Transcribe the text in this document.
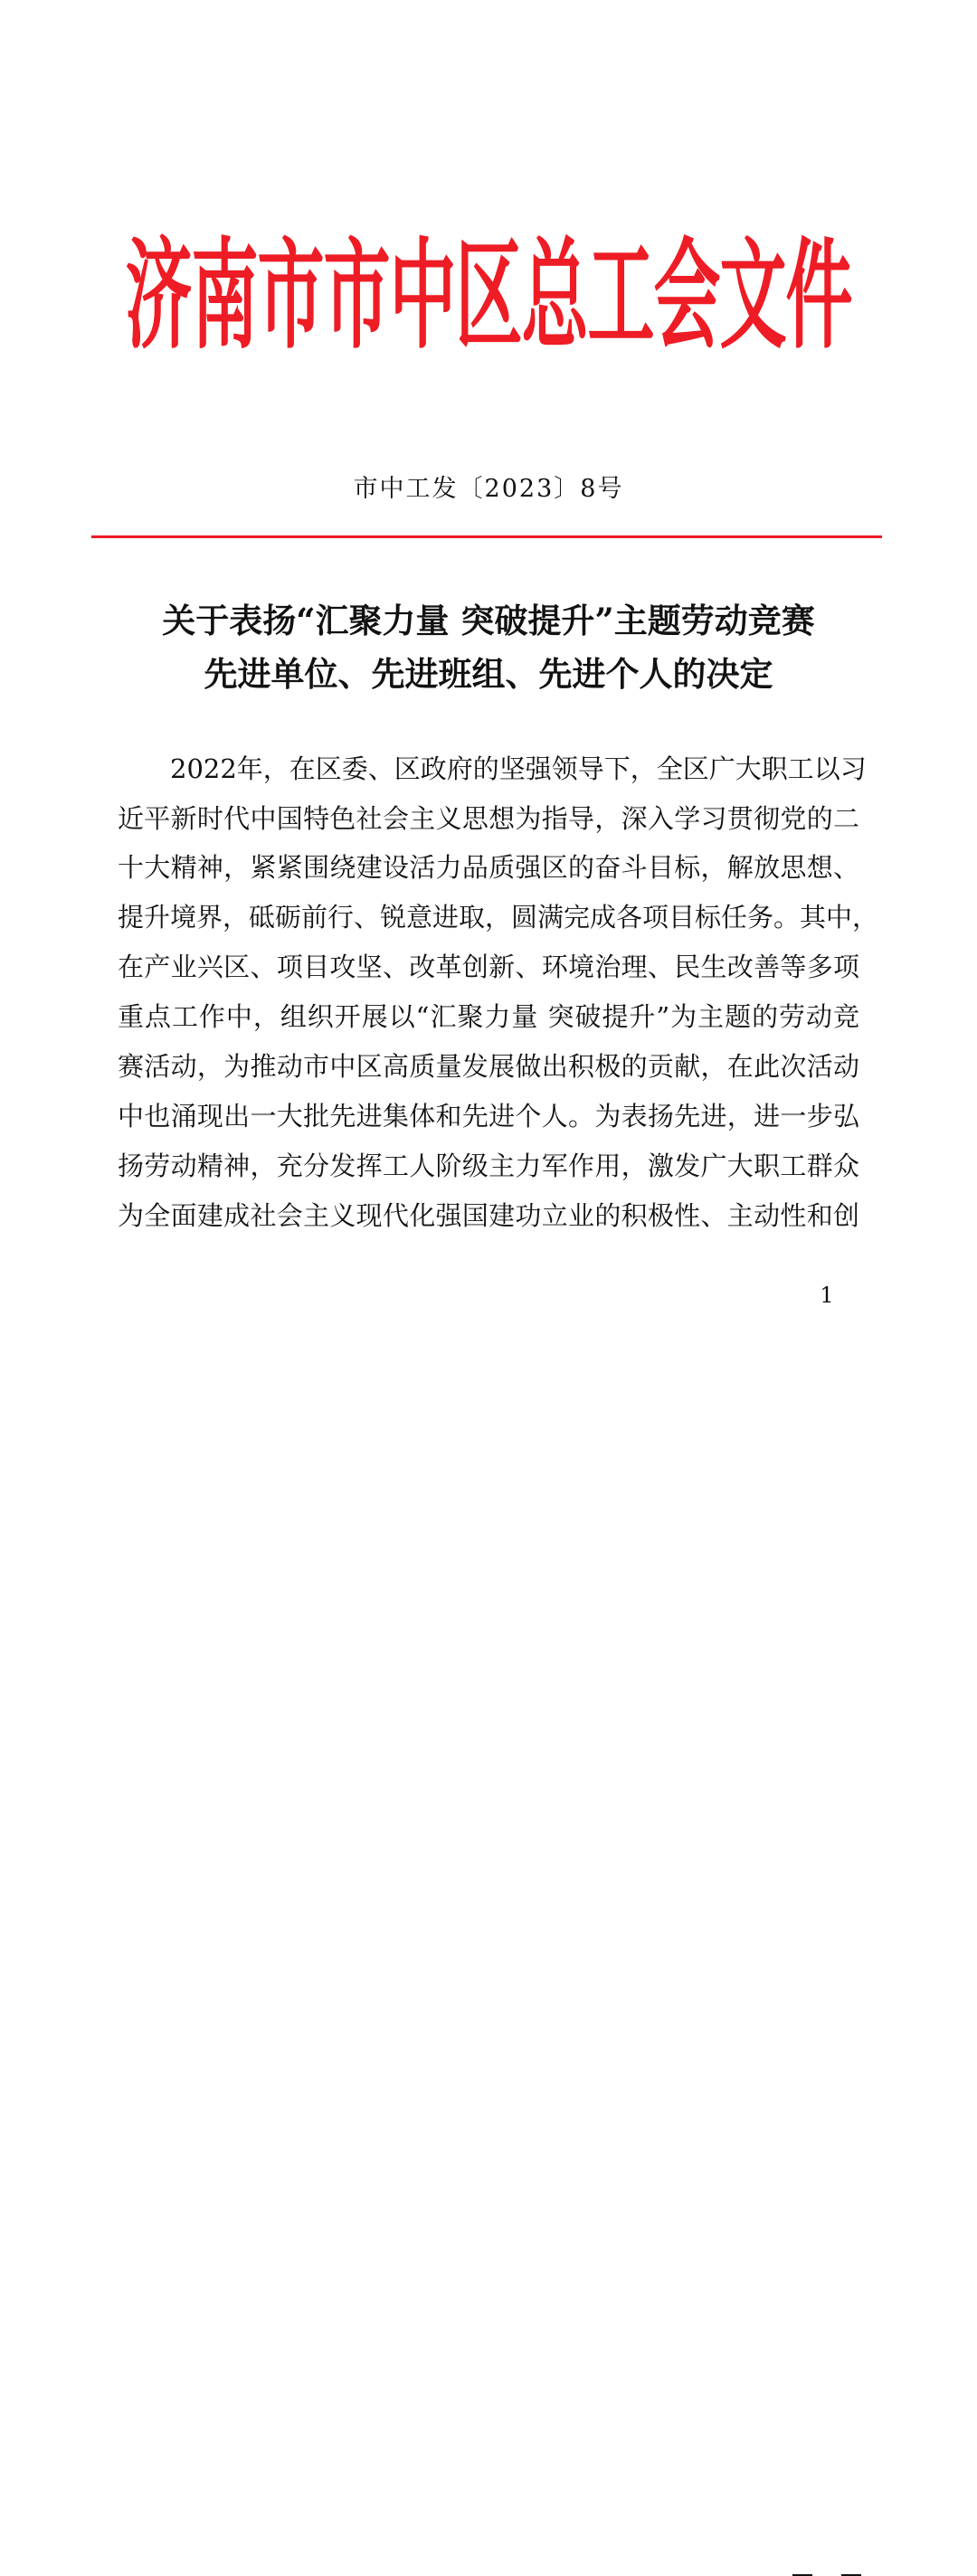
济南市市中区总工会文件
市中工发〔2023〕8号
关于表扬“汇聚力量 突破提升”主题劳动竞赛
先进单位、先进班组、先进个人的决定
2022年，在区委、区政府的坚强领导下，全区广大职工以习
近平新时代中国特色社会主义思想为指导，深入学习贯彻党的二
十大精神，紧紧围绕建设活力品质强区的奋斗目标，解放思想、
提升境界，砥砺前行、锐意进取，圆满完成各项目标任务。其中，
在产业兴区、项目攻坚、改革创新、环境治理、民生改善等多项
重点工作中，组织开展以“汇聚力量 突破提升”为主题的劳动竞
赛活动，为推动市中区高质量发展做出积极的贡献，在此次活动
中也涌现出一大批先进集体和先进个人。为表扬先进，进一步弘
扬劳动精神，充分发挥工人阶级主力军作用，激发广大职工群众
为全面建成社会主义现代化强国建功立业的积极性、主动性和创
1
